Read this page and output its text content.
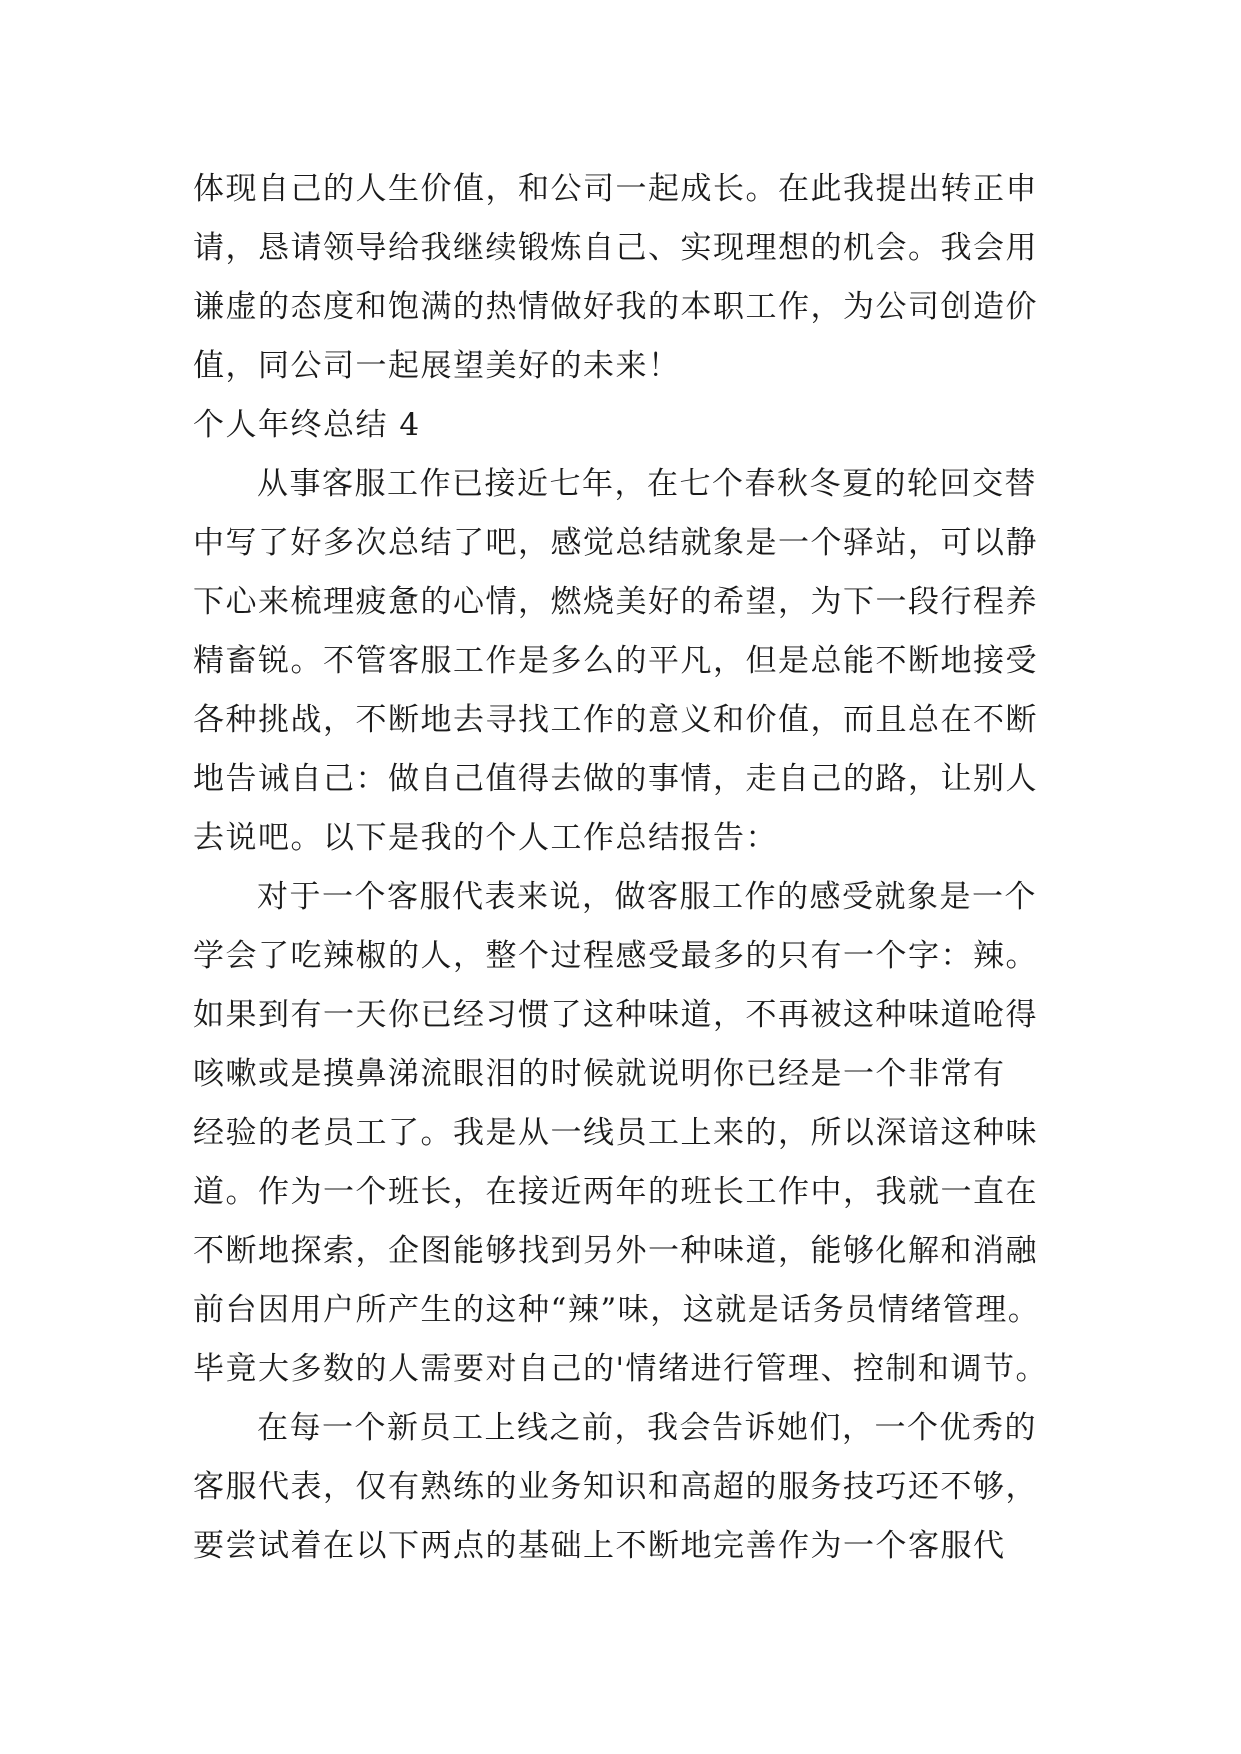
体现自己的人生价值，和公司一起成长。在此我提出转正申
请，恳请领导给我继续锻炼自己、实现理想的机会。我会用
谦虚的态度和饱满的热情做好我的本职工作，为公司创造价
值，同公司一起展望美好的未来！
个人年终总结 4
从事客服工作已接近七年，在七个春秋冬夏的轮回交替
中写了好多次总结了吧，感觉总结就象是一个驿站，可以静
下心来梳理疲惫的心情，燃烧美好的希望，为下一段行程养
精畜锐。不管客服工作是多么的平凡，但是总能不断地接受
各种挑战，不断地去寻找工作的意义和价值，而且总在不断
地告诫自己：做自己值得去做的事情，走自己的路，让别人
去说吧。以下是我的个人工作总结报告：
对于一个客服代表来说，做客服工作的感受就象是一个
学会了吃辣椒的人，整个过程感受最多的只有一个字：辣。
如果到有一天你已经习惯了这种味道，不再被这种味道呛得
咳嗽或是摸鼻涕流眼泪的时候就说明你已经是一个非常有
经验的老员工了。我是从一线员工上来的，所以深谙这种味
道。作为一个班长，在接近两年的班长工作中，我就一直在
不断地探索，企图能够找到另外一种味道，能够化解和消融
前台因用户所产生的这种“辣”味，这就是话务员情绪管理。
毕竟大多数的人需要对自己的'情绪进行管理、控制和调节。
在每一个新员工上线之前，我会告诉她们，一个优秀的
客服代表，仅有熟练的业务知识和高超的服务技巧还不够，
要尝试着在以下两点的基础上不断地完善作为一个客服代
